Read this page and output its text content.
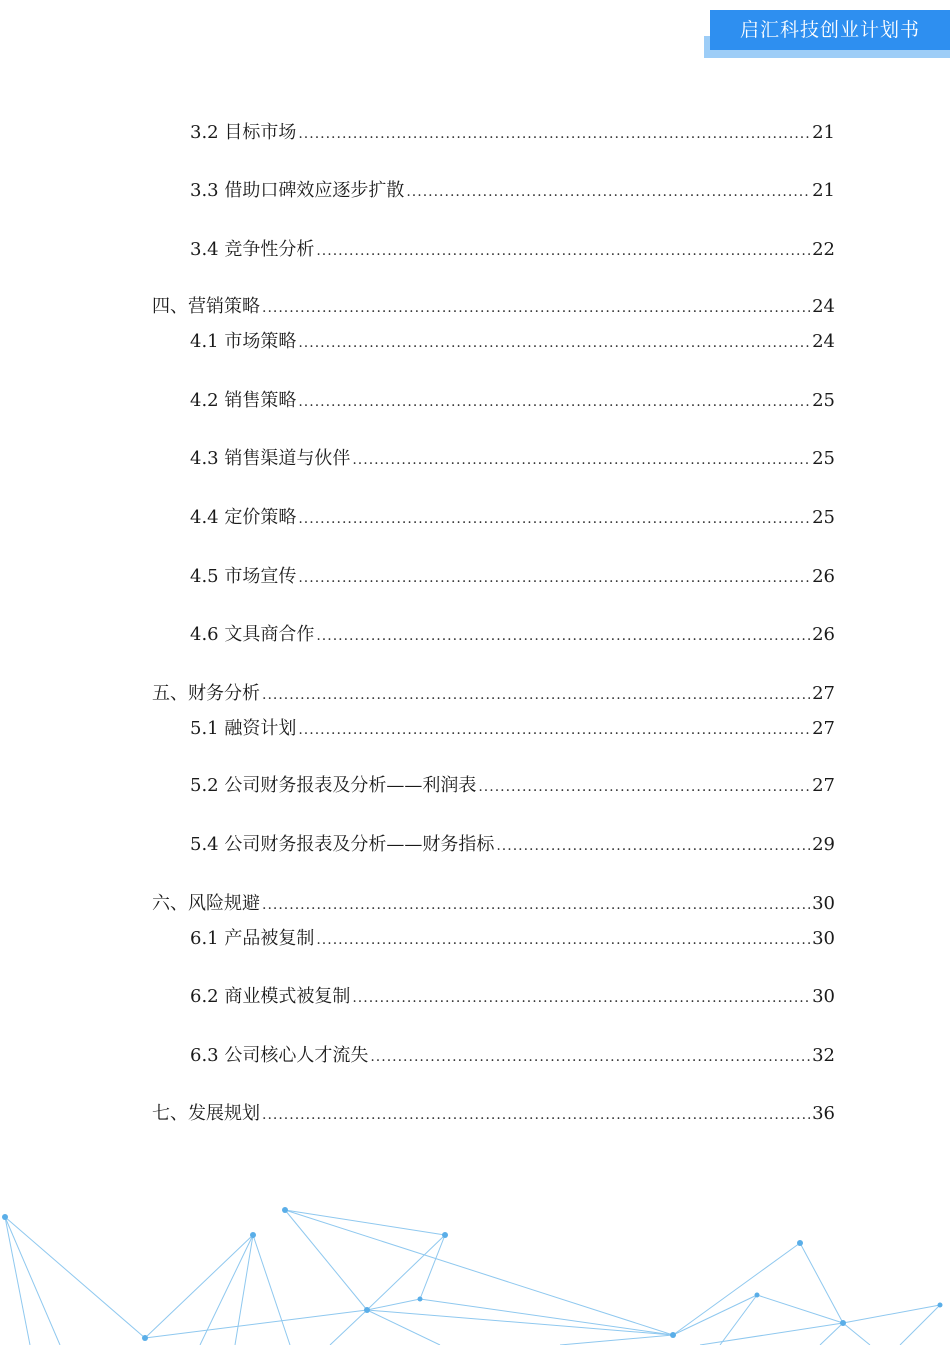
启汇科技创业计划书
3.2 目标市场 .....	21
3.3 借助口碑效应逐步扩散 .....	21
3.4 竞争性分析 .....	22
四、营销策略 .....	24
4.1 市场策略 .....	24
4.2 销售策略 .....	25
4.3 销售渠道与伙伴 .....	25
4.4 定价策略 .....	25
4.5 市场宣传 .....	26
4.6 文具商合作 .....	26
五、财务分析 .....	27
5.1 融资计划 .....	27
5.2 公司财务报表及分析——利润表 .....	27
5.4 公司财务报表及分析——财务指标 .....	29
六、风险规避 .....	30
6.1 产品被复制 .....	30
6.2 商业模式被复制 .....	30
6.3 公司核心人才流失 .....	32
七、发展规划 .....	36
